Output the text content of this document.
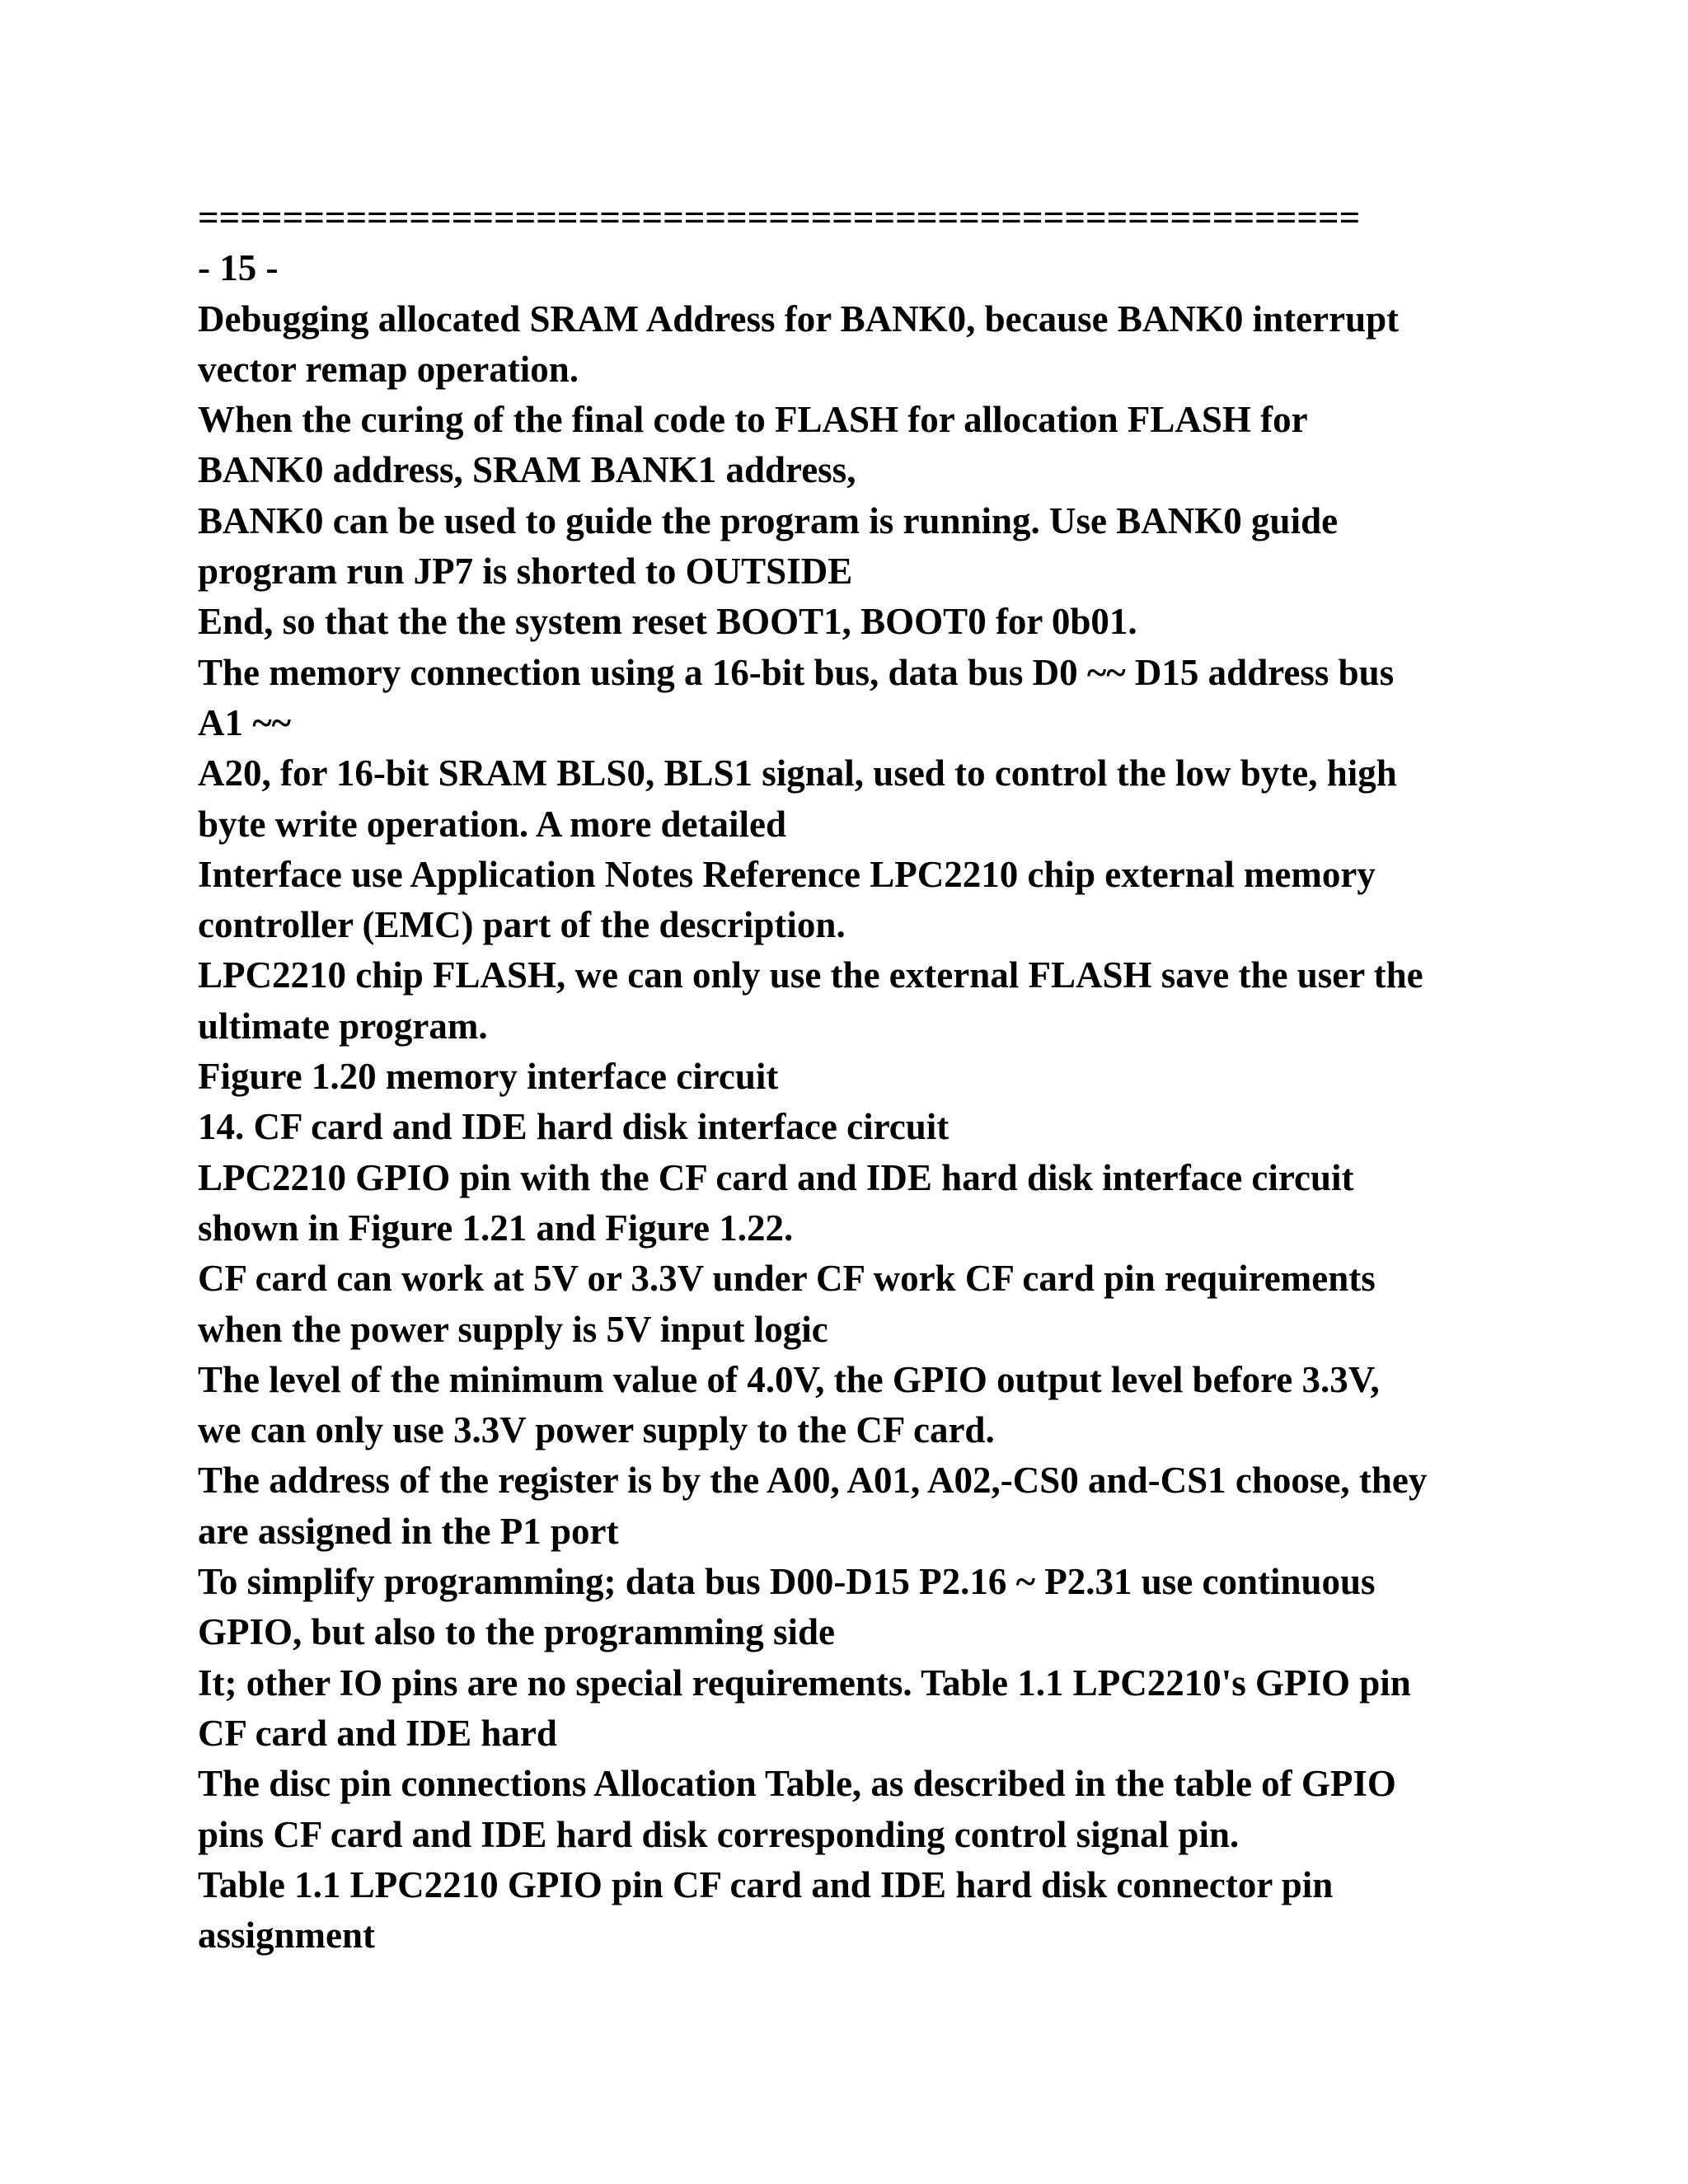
=======================================================
- 15 -
Debugging allocated SRAM Address for BANK0, because BANK0 interrupt
vector remap operation.
When the curing of the final code to FLASH for allocation FLASH for
BANK0 address, SRAM BANK1 address,
BANK0 can be used to guide the program is running. Use BANK0 guide
program run JP7 is shorted to OUTSIDE
End, so that the the system reset BOOT1, BOOT0 for 0b01.
The memory connection using a 16-bit bus, data bus D0 ~~ D15 address bus
A1 ~~
A20, for 16-bit SRAM BLS0, BLS1 signal, used to control the low byte, high
byte write operation. A more detailed
Interface use Application Notes Reference LPC2210 chip external memory
controller (EMC) part of the description.
LPC2210 chip FLASH, we can only use the external FLASH save the user the
ultimate program.
Figure 1.20 memory interface circuit
14. CF card and IDE hard disk interface circuit
LPC2210 GPIO pin with the CF card and IDE hard disk interface circuit
shown in Figure 1.21 and Figure 1.22.
CF card can work at 5V or 3.3V under CF work CF card pin requirements
when the power supply is 5V input logic
The level of the minimum value of 4.0V, the GPIO output level before 3.3V,
we can only use 3.3V power supply to the CF card.
The address of the register is by the A00, A01, A02,-CS0 and-CS1 choose, they
are assigned in the P1 port
To simplify programming; data bus D00-D15 P2.16 ~ P2.31 use continuous
GPIO, but also to the programming side
It; other IO pins are no special requirements. Table 1.1 LPC2210's GPIO pin
CF card and IDE hard
The disc pin connections Allocation Table, as described in the table of GPIO
pins CF card and IDE hard disk corresponding control signal pin.
Table 1.1 LPC2210 GPIO pin CF card and IDE hard disk connector pin
assignment
